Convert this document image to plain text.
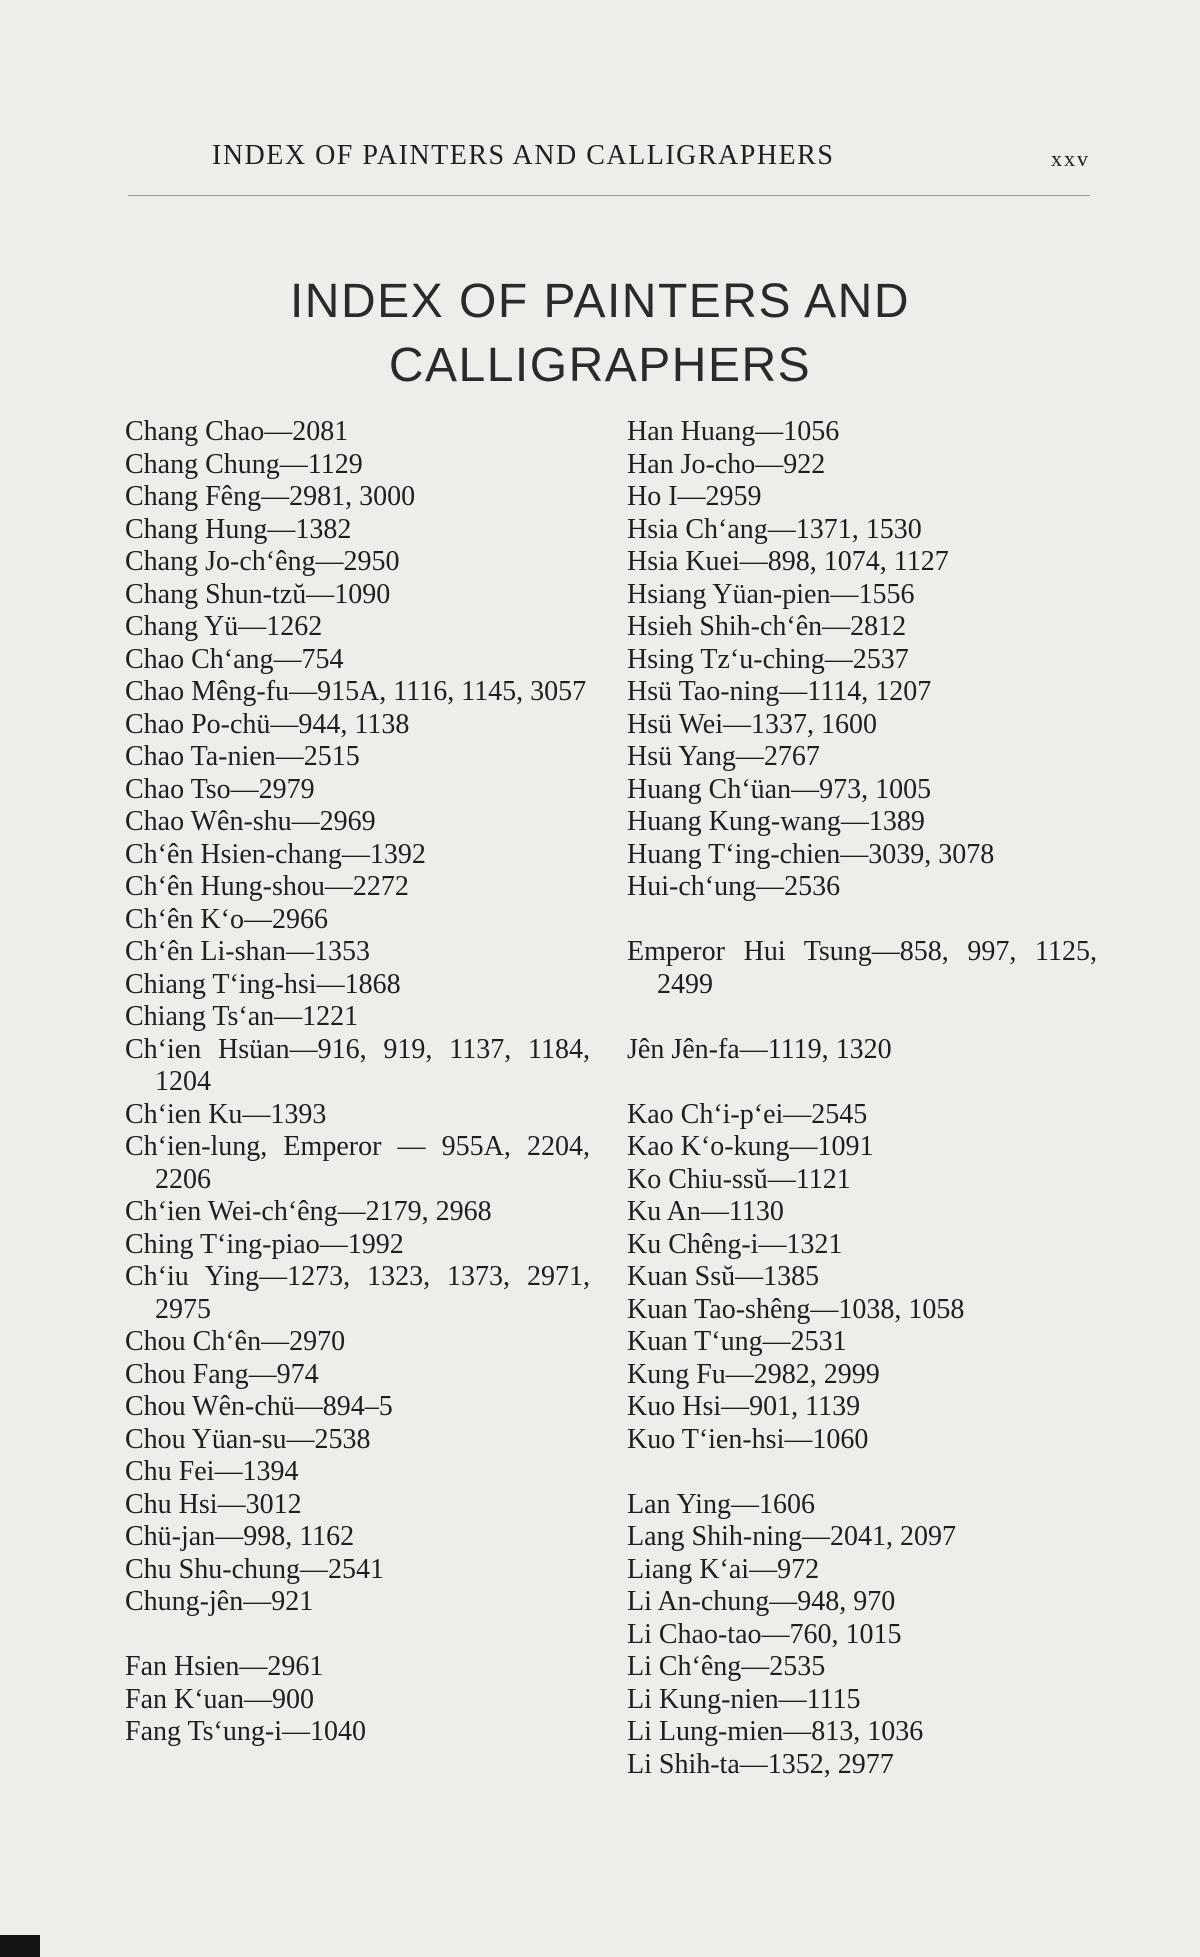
INDEX OF PAINTERS AND CALLIGRAPHERS	xxv
INDEX OF PAINTERS AND
CALLIGRAPHERS
Chang Chao—2081
Chang Chung—1129
Chang Fêng—2981, 3000
Chang Hung—1382
Chang Jo-ch‘êng—2950
Chang Shun-tzŭ—1090
Chang Yü—1262
Chao Ch‘ang—754
Chao Mêng-fu—915A, 1116, 1145, 3057
Chao Po-chü—944, 1138
Chao Ta-nien—2515
Chao Tso—2979
Chao Wên-shu—2969
Ch‘ên Hsien-chang—1392
Ch‘ên Hung-shou—2272
Ch‘ên K‘o—2966
Ch‘ên Li-shan—1353
Chiang T‘ing-hsi—1868
Chiang Ts‘an—1221
Ch‘ien Hsüan—916, 919, 1137, 1184, 1204
Ch‘ien Ku—1393
Ch‘ien-lung, Emperor — 955A, 2204, 2206
Ch‘ien Wei-ch‘êng—2179, 2968
Ching T‘ing-piao—1992
Ch‘iu Ying—1273, 1323, 1373, 2971, 2975
Chou Ch‘ên—2970
Chou Fang—974
Chou Wên-chü—894–5
Chou Yüan-su—2538
Chu Fei—1394
Chu Hsi—3012
Chü-jan—998, 1162
Chu Shu-chung—2541
Chung-jên—921
Fan Hsien—2961
Fan K‘uan—900
Fang Ts‘ung-i—1040
Han Huang—1056
Han Jo-cho—922
Ho I—2959
Hsia Ch‘ang—1371, 1530
Hsia Kuei—898, 1074, 1127
Hsiang Yüan-pien—1556
Hsieh Shih-ch‘ên—2812
Hsing Tz‘u-ching—2537
Hsü Tao-ning—1114, 1207
Hsü Wei—1337, 1600
Hsü Yang—2767
Huang Ch‘üan—973, 1005
Huang Kung-wang—1389
Huang T‘ing-chien—3039, 3078
Hui-ch‘ung—2536
Emperor Hui Tsung—858, 997, 1125, 2499
Jên Jên-fa—1119, 1320
Kao Ch‘i-p‘ei—2545
Kao K‘o-kung—1091
Ko Chiu-ssŭ—1121
Ku An—1130
Ku Chêng-i—1321
Kuan Ssŭ—1385
Kuan Tao-shêng—1038, 1058
Kuan T‘ung—2531
Kung Fu—2982, 2999
Kuo Hsi—901, 1139
Kuo T‘ien-hsi—1060
Lan Ying—1606
Lang Shih-ning—2041, 2097
Liang K‘ai—972
Li An-chung—948, 970
Li Chao-tao—760, 1015
Li Ch‘êng—2535
Li Kung-nien—1115
Li Lung-mien—813, 1036
Li Shih-ta—1352, 2977
